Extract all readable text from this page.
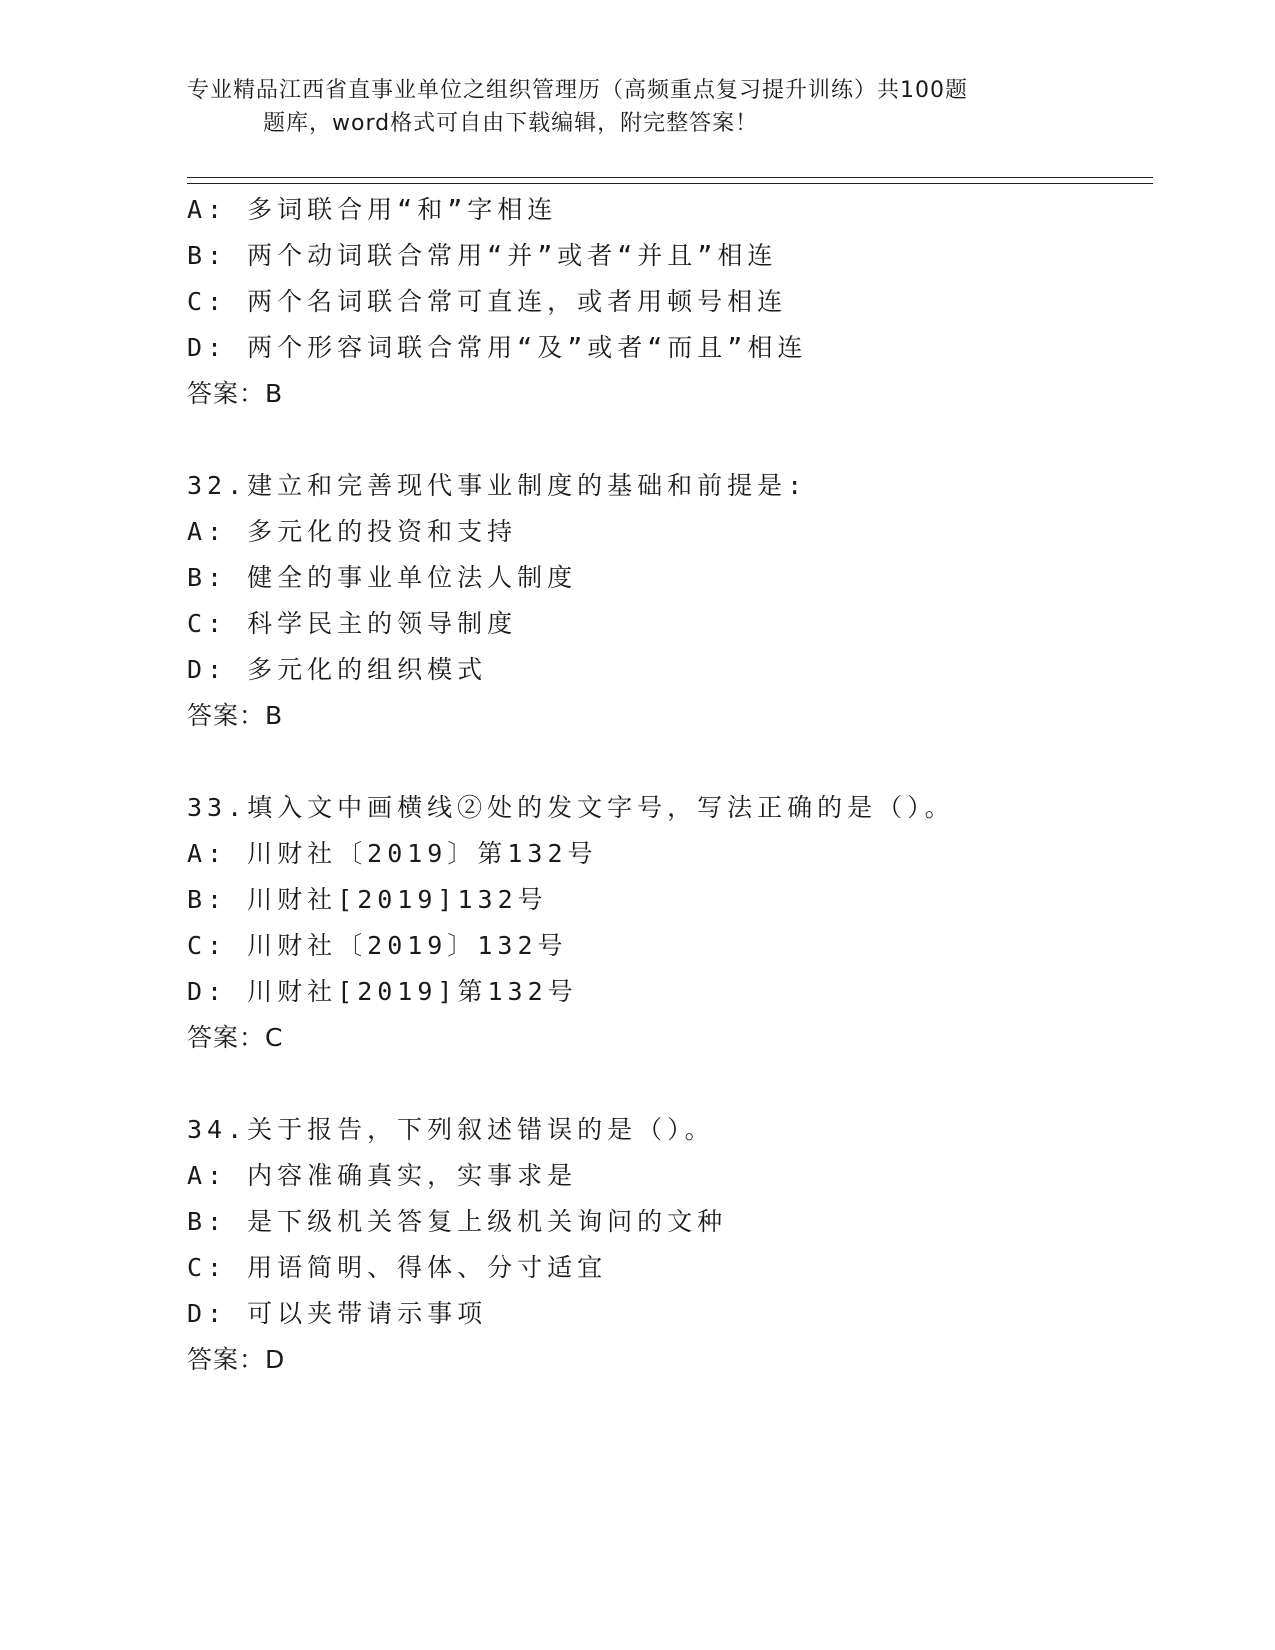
专业精品江西省直事业单位之组织管理历（高频重点复习提升训练）共100题
题库，word格式可自由下载编辑，附完整答案！
A: 多词联合用“和”字相连
B: 两个动词联合常用“并”或者“并且”相连
C: 两个名词联合常可直连，或者用顿号相连
D: 两个形容词联合常用“及”或者“而且”相连
答案：B
32.建立和完善现代事业制度的基础和前提是:
A: 多元化的投资和支持
B: 健全的事业单位法人制度
C: 科学民主的领导制度
D: 多元化的组织模式
答案：B
33.填入文中画横线②处的发文字号，写法正确的是（）。
A: 川财社〔2019〕第132号
B: 川财社[2019]132号
C: 川财社〔2019〕132号
D: 川财社[2019]第132号
答案：C
34.关于报告，下列叙述错误的是（）。
A: 内容准确真实，实事求是
B: 是下级机关答复上级机关询问的文种
C: 用语简明、得体、分寸适宜
D: 可以夹带请示事项
答案：D
